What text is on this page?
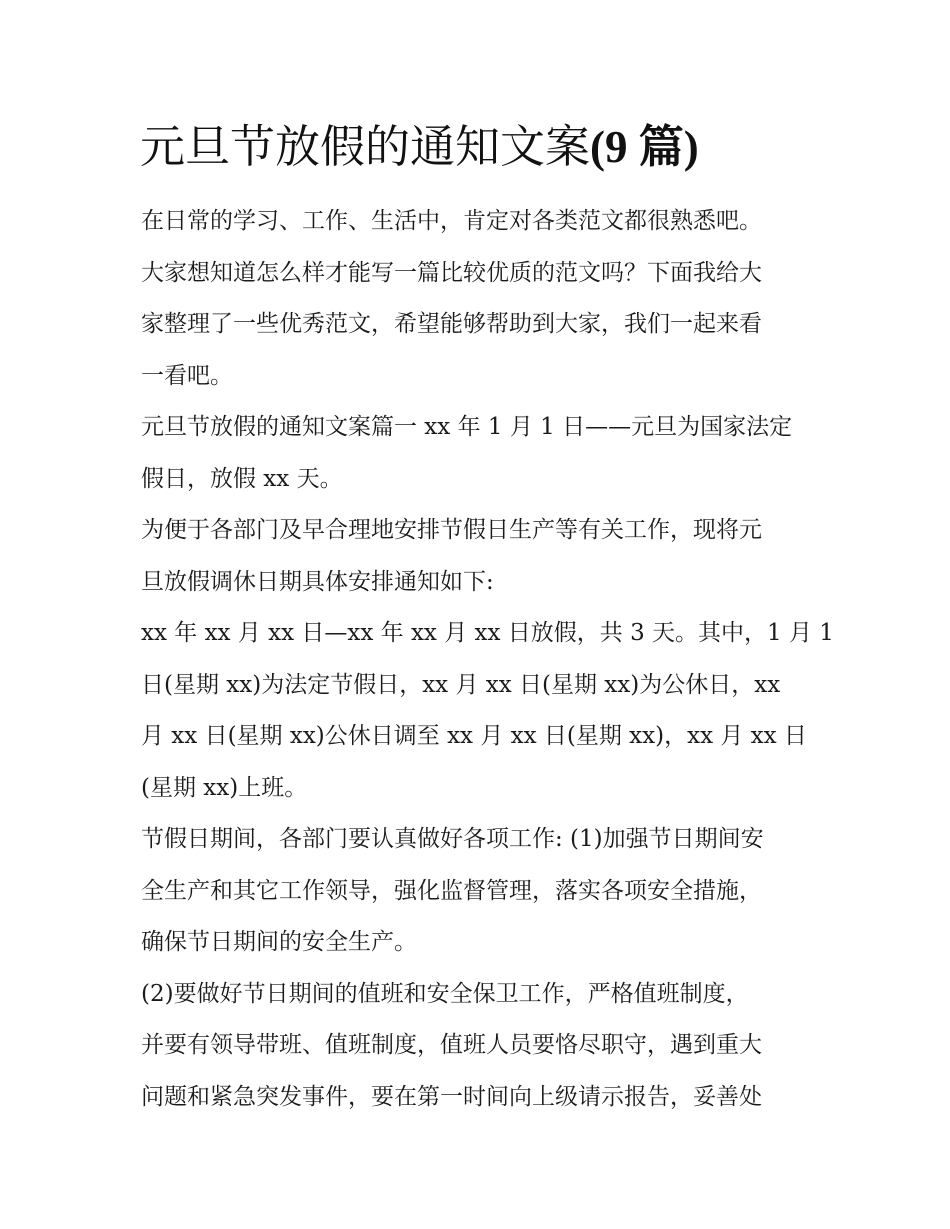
元旦节放假的通知文案(9 篇)
在日常的学习、工作、生活中，肯定对各类范文都很熟悉吧。
大家想知道怎么样才能写一篇比较优质的范文吗？下面我给大
家整理了一些优秀范文，希望能够帮助到大家，我们一起来看
一看吧。
元旦节放假的通知文案篇一 xx 年 1 月 1 日——元旦为国家法定
假日，放假 xx 天。
为便于各部门及早合理地安排节假日生产等有关工作，现将元
旦放假调休日期具体安排通知如下:
xx 年 xx 月 xx 日—xx 年 xx 月 xx 日放假，共 3 天。其中，1 月 1
日(星期 xx)为法定节假日，xx 月 xx 日(星期 xx)为公休日，xx
月 xx 日(星期 xx)公休日调至 xx 月 xx 日(星期 xx)，xx 月 xx 日
(星期 xx)上班。
节假日期间，各部门要认真做好各项工作: (1)加强节日期间安
全生产和其它工作领导，强化监督管理，落实各项安全措施，
确保节日期间的安全生产。
(2)要做好节日期间的值班和安全保卫工作，严格值班制度，
并要有领导带班、值班制度，值班人员要恪尽职守，遇到重大
问题和紧急突发事件，要在第一时间向上级请示报告，妥善处
